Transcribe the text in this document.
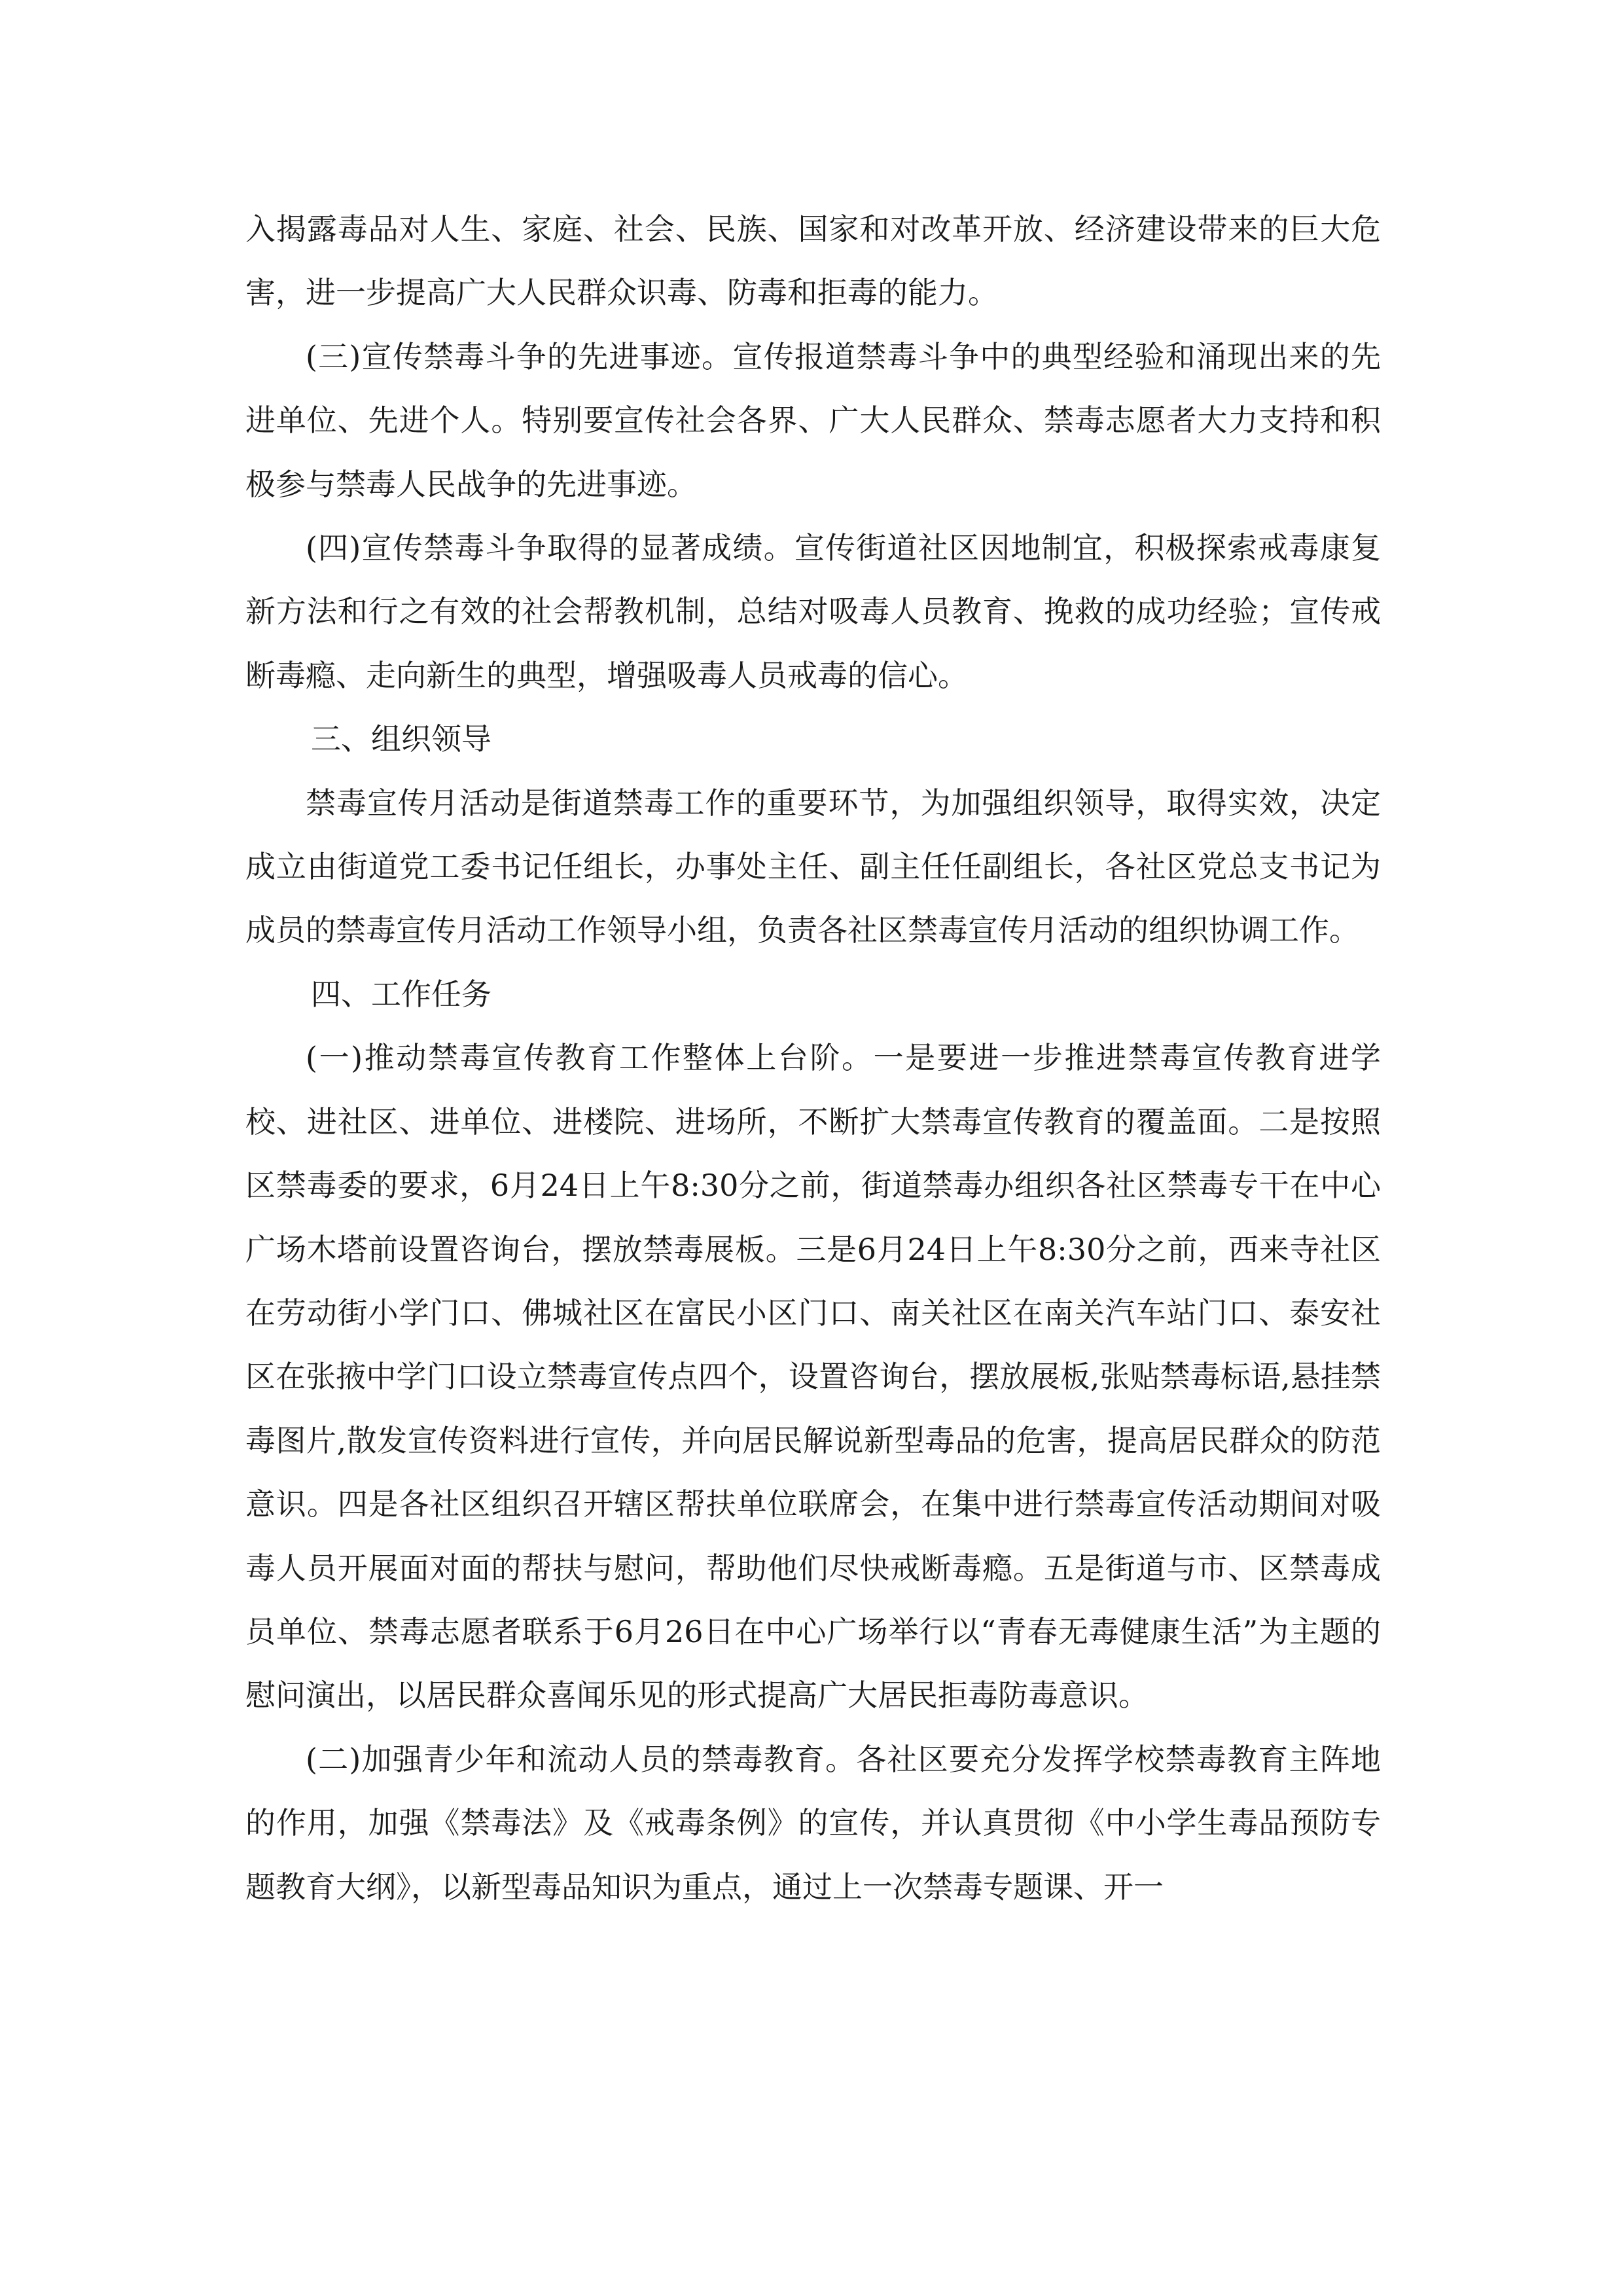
入揭露毒品对人生、家庭、社会、民族、国家和对改革开放、经济建设带来的巨大危害，进一步提高广大人民群众识毒、防毒和拒毒的能力。

(三)宣传禁毒斗争的先进事迹。宣传报道禁毒斗争中的典型经验和涌现出来的先进单位、先进个人。特别要宣传社会各界、广大人民群众、禁毒志愿者大力支持和积极参与禁毒人民战争的先进事迹。

(四)宣传禁毒斗争取得的显著成绩。宣传街道社区因地制宜，积极探索戒毒康复新方法和行之有效的社会帮教机制，总结对吸毒人员教育、挽救的成功经验；宣传戒断毒瘾、走向新生的典型，增强吸毒人员戒毒的信心。

三、组织领导

禁毒宣传月活动是街道禁毒工作的重要环节，为加强组织领导，取得实效，决定成立由街道党工委书记任组长，办事处主任、副主任任副组长，各社区党总支书记为成员的禁毒宣传月活动工作领导小组，负责各社区禁毒宣传月活动的组织协调工作。

四、工作任务

(一)推动禁毒宣传教育工作整体上台阶。一是要进一步推进禁毒宣传教育进学校、进社区、进单位、进楼院、进场所，不断扩大禁毒宣传教育的覆盖面。二是按照区禁毒委的要求，6月24日上午8:30分之前，街道禁毒办组织各社区禁毒专干在中心广场木塔前设置咨询台，摆放禁毒展板。三是6月24日上午8:30分之前，西来寺社区在劳动街小学门口、佛城社区在富民小区门口、南关社区在南关汽车站门口、泰安社区在张掖中学门口设立禁毒宣传点四个，设置咨询台，摆放展板,张贴禁毒标语,悬挂禁毒图片,散发宣传资料进行宣传，并向居民解说新型毒品的危害，提高居民群众的防范意识。四是各社区组织召开辖区帮扶单位联席会，在集中进行禁毒宣传活动期间对吸毒人员开展面对面的帮扶与慰问，帮助他们尽快戒断毒瘾。五是街道与市、区禁毒成员单位、禁毒志愿者联系于6月26日在中心广场举行以“青春无毒健康生活”为主题的慰问演出，以居民群众喜闻乐见的形式提高广大居民拒毒防毒意识。

(二)加强青少年和流动人员的禁毒教育。各社区要充分发挥学校禁毒教育主阵地的作用，加强《禁毒法》及《戒毒条例》的宣传，并认真贯彻《中小学生毒品预防专题教育大纲》，以新型毒品知识为重点，通过上一次禁毒专题课、开一
